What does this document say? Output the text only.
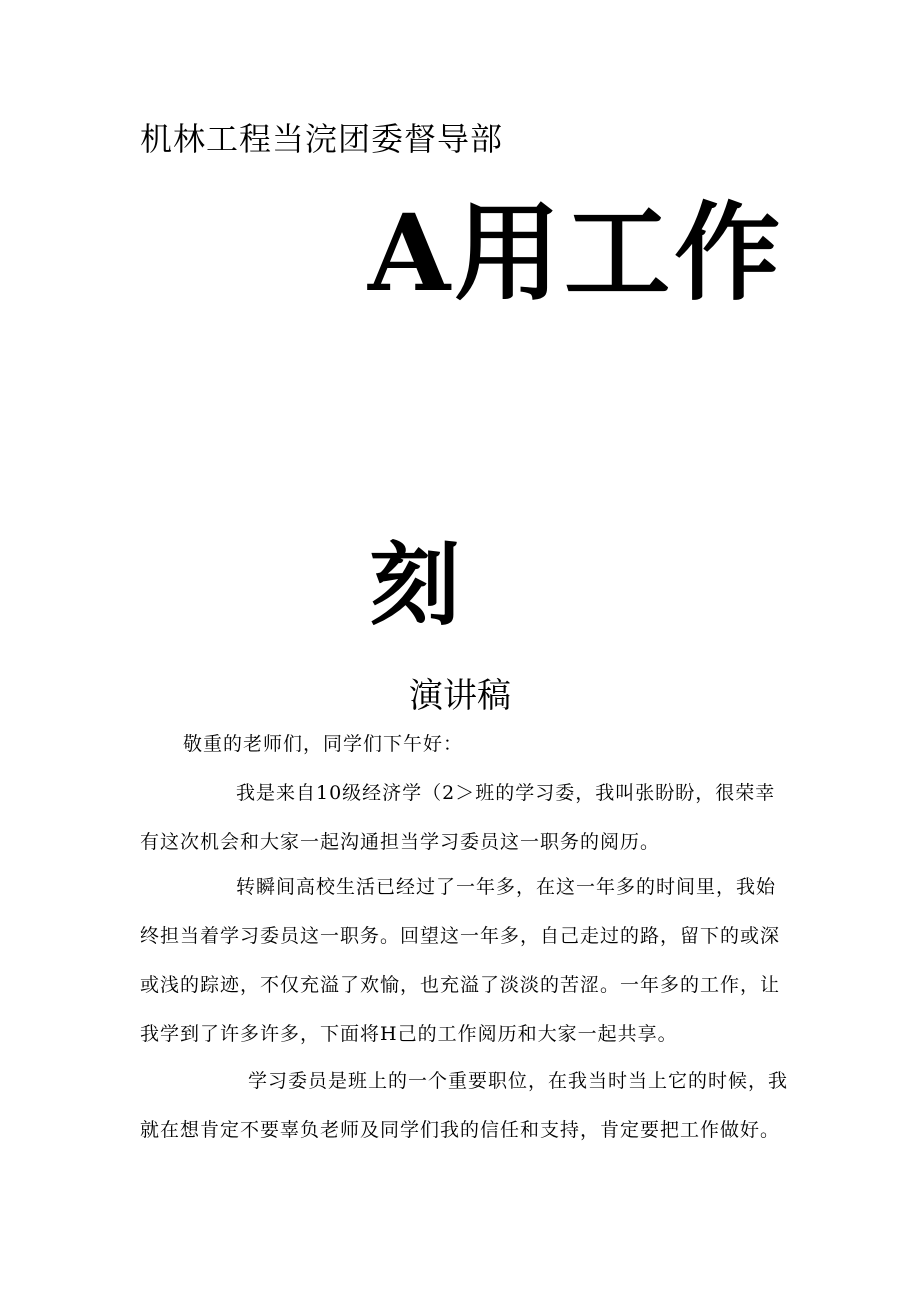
机林工程当浣团委督导部
A用工作
刻
演讲稿
敬重的老师们，同学们下午好：
我是来自10级经济学（2＞班的学习委，我叫张盼盼，很荣幸
有这次机会和大家一起沟通担当学习委员这一职务的阅历。
转瞬间高校生活已经过了一年多，在这一年多的时间里，我始
终担当着学习委员这一职务。回望这一年多，自己走过的路，留下的或深
或浅的踪迹，不仅充溢了欢愉，也充溢了淡淡的苦涩。一年多的工作，让
我学到了许多许多，下面将H己的工作阅历和大家一起共享。
学习委员是班上的一个重要职位，在我当时当上它的时候，我
就在想肯定不要辜负老师及同学们我的信任和支持，肯定要把工作做好。
